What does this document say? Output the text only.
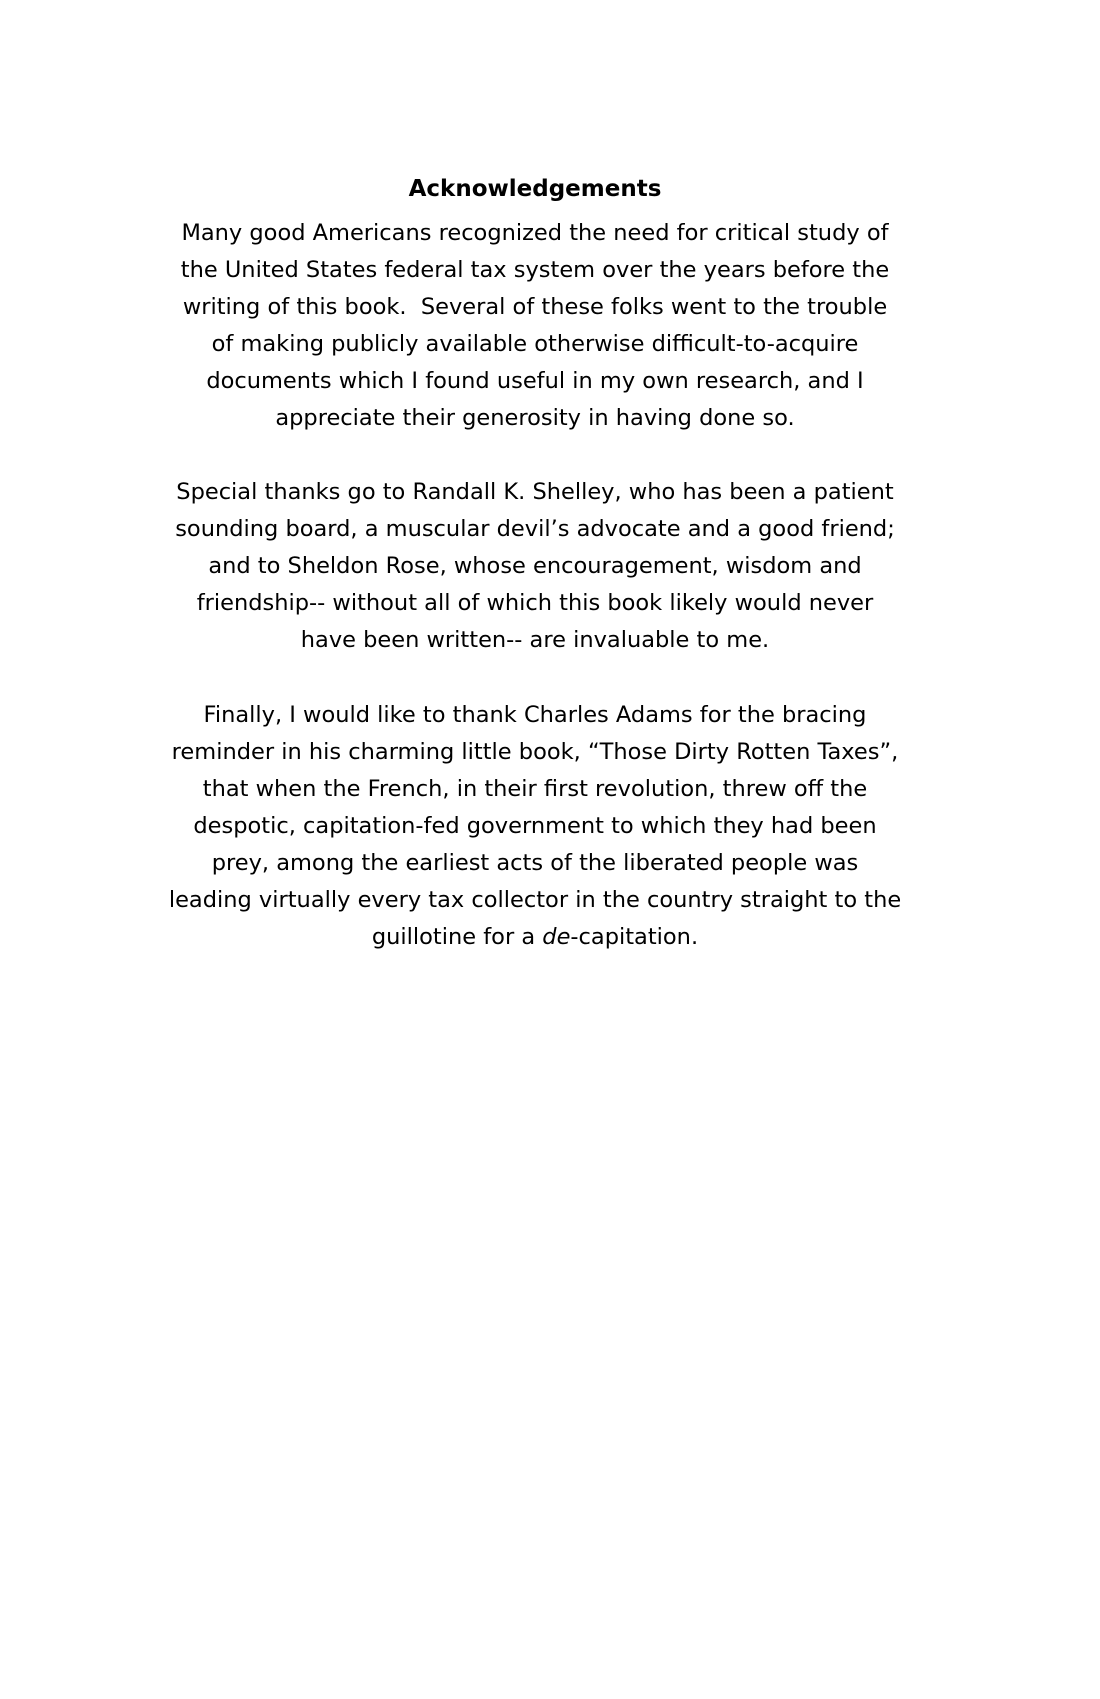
Acknowledgements

Many good Americans recognized the need for critical study of
the United States federal tax system over the years before the
writing of this book.  Several of these folks went to the trouble
of making publicly available otherwise difficult-to-acquire
documents which I found useful in my own research, and I
appreciate their generosity in having done so.

Special thanks go to Randall K. Shelley, who has been a patient
sounding board, a muscular devil’s advocate and a good friend;
and to Sheldon Rose, whose encouragement, wisdom and
friendship-- without all of which this book likely would never
have been written-- are invaluable to me.

Finally, I would like to thank Charles Adams for the bracing
reminder in his charming little book, “Those Dirty Rotten Taxes”,
that when the French, in their first revolution, threw off the
despotic, capitation-fed government to which they had been
prey, among the earliest acts of the liberated people was
leading virtually every tax collector in the country straight to the
guillotine for a de-capitation.
